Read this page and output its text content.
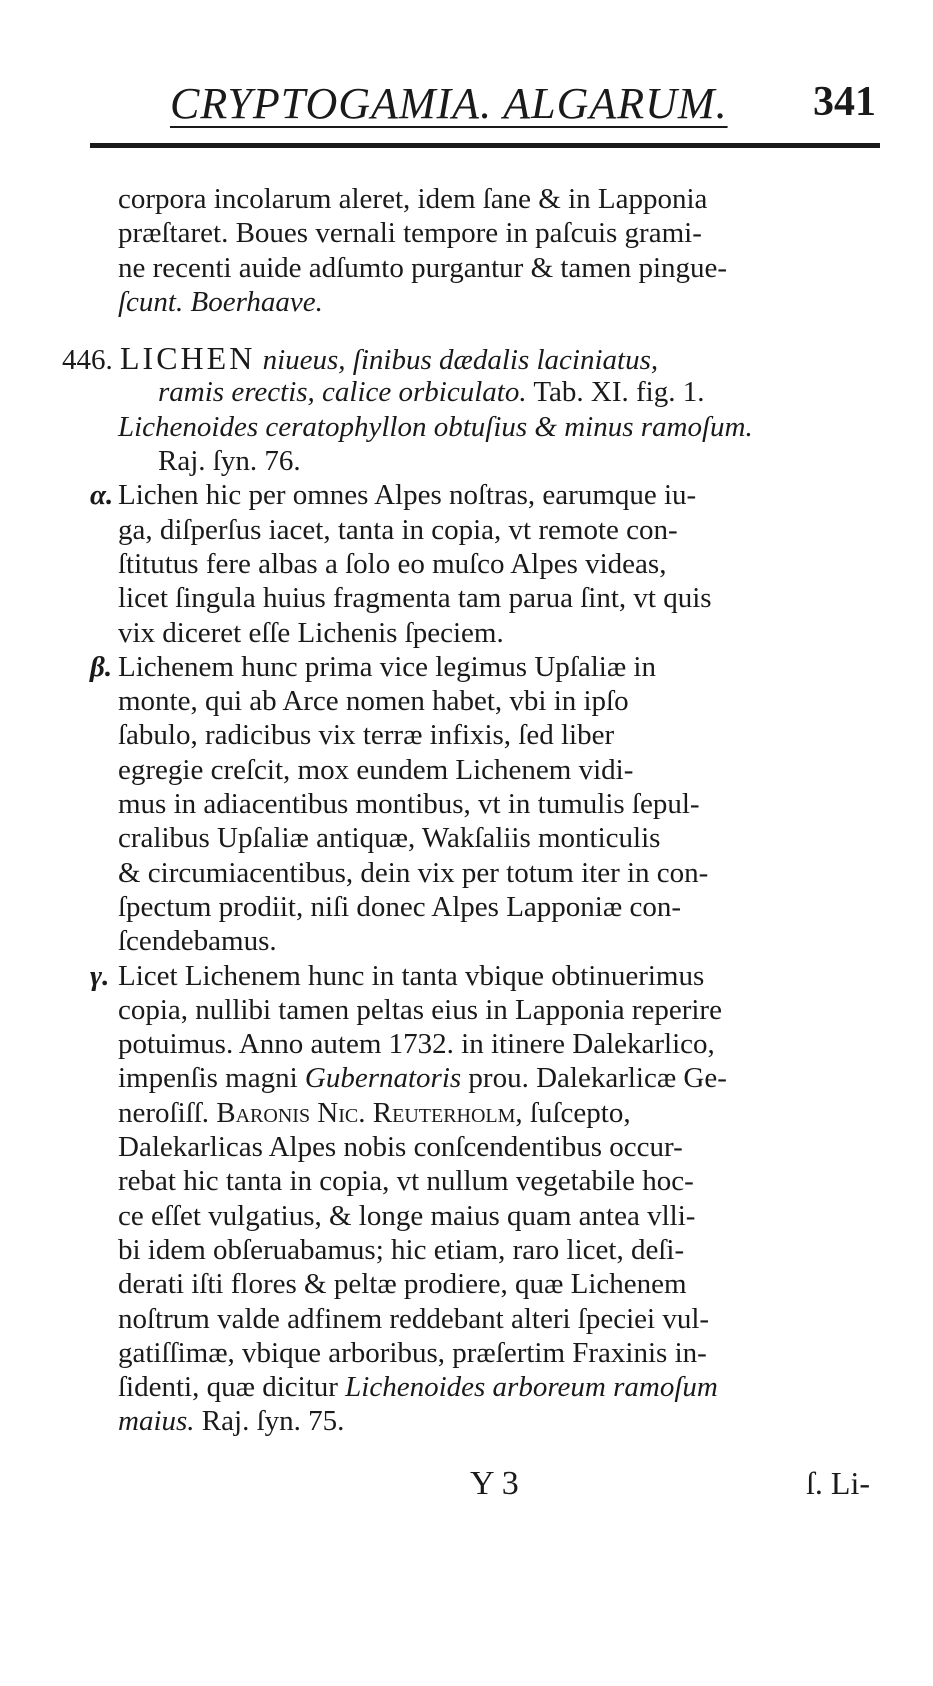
CRYPTOGAMIA. ALGARUM. 341
corpora incolarum aleret, idem ſane & in Lapponia
præſtaret. Boues vernali tempore in paſcuis grami-
ne recenti auide adſumto purgantur & tamen pingue-
ſcunt. Boerhaave.
446. LICHEN niueus, ſinibus dædalis laciniatus,
ramis erectis, calice orbiculato. Tab. XI. fig. 1.
Lichenoides ceratophyllon obtuſius & minus ramoſum.
Raj. ſyn. 76.
α. Lichen hic per omnes Alpes noſtras, earumque iu-
ga, diſperſus iacet, tanta in copia, vt remote con-
ſtitutus fere albas a ſolo eo muſco Alpes videas,
licet ſingula huius fragmenta tam parua ſint, vt quis
vix diceret eſſe Lichenis ſpeciem.
β. Lichenem hunc prima vice legimus Upſaliæ in
monte, qui ab Arce nomen habet, vbi in ipſo
ſabulo, radicibus vix terræ infixis, ſed liber
egregie creſcit, mox eundem Lichenem vidi-
mus in adiacentibus montibus, vt in tumulis ſepul-
cralibus Upſaliæ antiquæ, Wakſaliis monticulis
& circumiacentibus, dein vix per totum iter in con-
ſpectum prodiit, niſi donec Alpes Lapponiæ con-
ſcendebamus.
γ. Licet Lichenem hunc in tanta vbique obtinuerimus
copia, nullibi tamen peltas eius in Lapponia reperire
potuimus. Anno autem 1732. in itinere Dalekarlico,
impenſis magni Gubernatoris prou. Dalekarlicæ Ge-
neroſiſſ. Baronis Nic. Reuterholm, ſuſcepto,
Dalekarlicas Alpes nobis conſcendentibus occur-
rebat hic tanta in copia, vt nullum vegetabile hoc-
ce eſſet vulgatius, & longe maius quam antea vlli-
bi idem obſeruabamus; hic etiam, raro licet, deſi-
derati iſti flores & peltæ prodiere, quæ Lichenem
noſtrum valde adfinem reddebant alteri ſpeciei vul-
gatiſſimæ, vbique arboribus, præſertim Fraxinis in-
ſidenti, quæ dicitur Lichenoides arboreum ramoſum
maius. Raj. ſyn. 75.
Y 3	ſ. Li-
